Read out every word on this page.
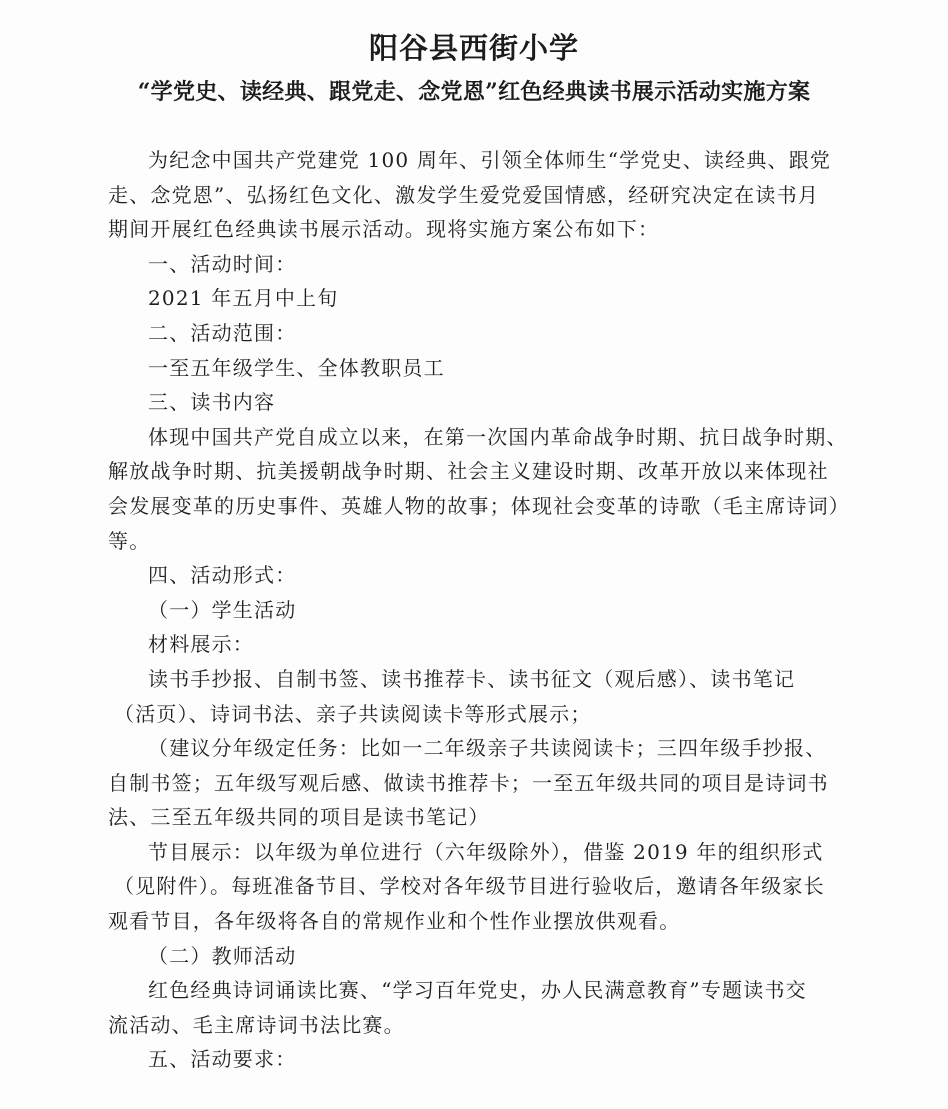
阳谷县西街小学
“学党史、读经典、跟党走、念党恩”红色经典读书展示活动实施方案
为纪念中国共产党建党 100 周年、引领全体师生“学党史、读经典、跟党
走、念党恩”、弘扬红色文化、激发学生爱党爱国情感，经研究决定在读书月
期间开展红色经典读书展示活动。现将实施方案公布如下：
一、活动时间：
2021 年五月中上旬
二、活动范围：
一至五年级学生、全体教职员工
三、读书内容
体现中国共产党自成立以来，在第一次国内革命战争时期、抗日战争时期、
解放战争时期、抗美援朝战争时期、社会主义建设时期、改革开放以来体现社
会发展变革的历史事件、英雄人物的故事；体现社会变革的诗歌（毛主席诗词）
等。
四、活动形式：
（一）学生活动
材料展示：
读书手抄报、自制书签、读书推荐卡、读书征文（观后感）、读书笔记
（活页）、诗词书法、亲子共读阅读卡等形式展示；
（建议分年级定任务：比如一二年级亲子共读阅读卡；三四年级手抄报、
自制书签；五年级写观后感、做读书推荐卡；一至五年级共同的项目是诗词书
法、三至五年级共同的项目是读书笔记）
节目展示：以年级为单位进行（六年级除外），借鉴 2019 年的组织形式
（见附件）。每班准备节目、学校对各年级节目进行验收后，邀请各年级家长
观看节目，各年级将各自的常规作业和个性作业摆放供观看。
（二）教师活动
红色经典诗词诵读比赛、“学习百年党史，办人民满意教育”专题读书交
流活动、毛主席诗词书法比赛。
五、活动要求：
